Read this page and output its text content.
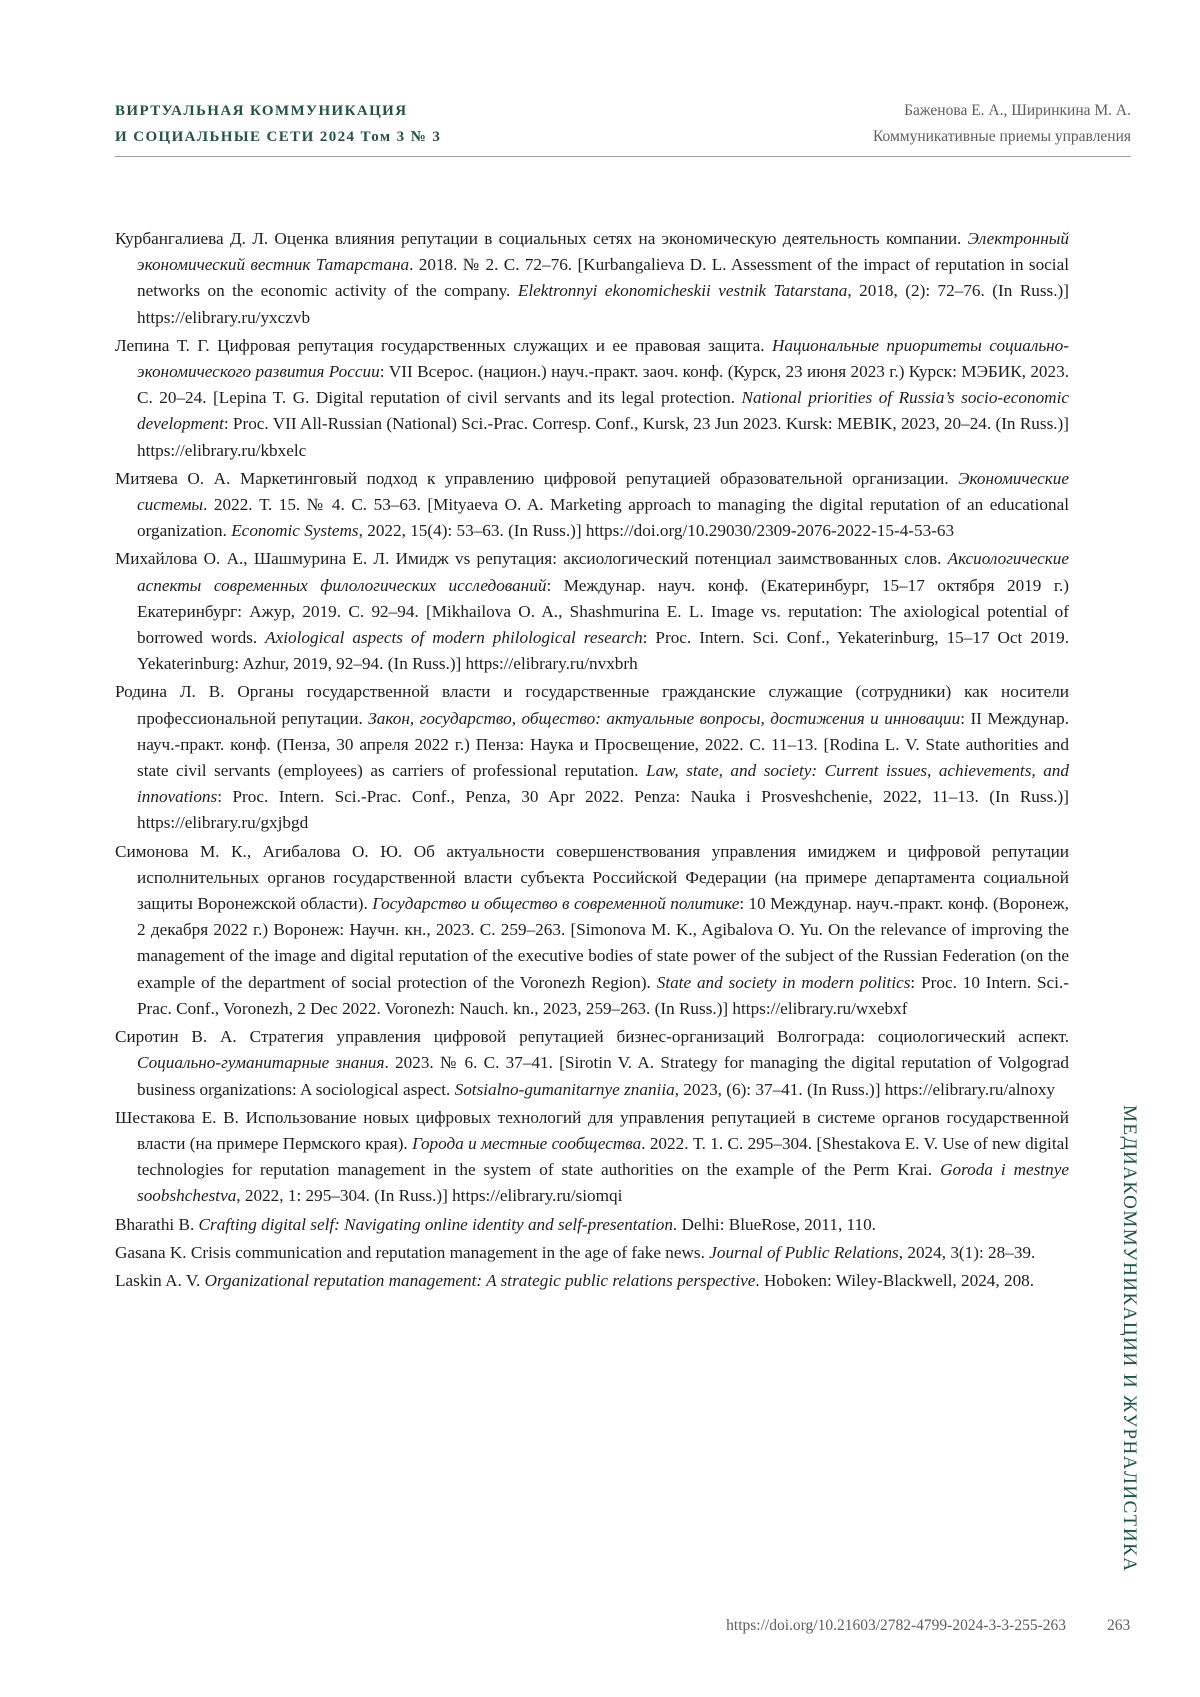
ВИРТУАЛЬНАЯ КОММУНИКАЦИЯ
И СОЦИАЛЬНЫЕ СЕТИ 2024 Том 3 № 3
Баженова Е. А., Ширинкина М. А.
Коммуникативные приемы управления

Курбангалиева Д. Л. Оценка влияния репутации в социальных сетях на экономическую деятельность компании. Электронный экономический вестник Татарстана. 2018. № 2. С. 72–76. [Kurbangalieva D. L. Assessment of the impact of reputation in social networks on the economic activity of the company. Elektronnyi ekonomicheskii vestnik Tatarstana, 2018, (2): 72–76. (In Russ.)] https://elibrary.ru/yxczvb

Лепина Т. Г. Цифровая репутация государственных служащих и ее правовая защита. Национальные приоритеты социально-экономического развития России: VII Всерос. (национ.) науч.-практ. заоч. конф. (Курск, 23 июня 2023 г.) Курск: МЭБИК, 2023. С. 20–24. [Lepina T. G. Digital reputation of civil servants and its legal protection. National priorities of Russia’s socio-economic development: Proc. VII All-Russian (National) Sci.-Prac. Corresp. Conf., Kursk, 23 Jun 2023. Kursk: MEBIK, 2023, 20–24. (In Russ.)] https://elibrary.ru/kbxelc

Митяева О. А. Маркетинговый подход к управлению цифровой репутацией образовательной организации. Экономические системы. 2022. Т. 15. № 4. С. 53–63. [Mityaeva O. A. Marketing approach to managing the digital reputation of an educational organization. Economic Systems, 2022, 15(4): 53–63. (In Russ.)] https://doi.org/10.29030/2309-2076-2022-15-4-53-63

Михайлова О. А., Шашмурина Е. Л. Имидж vs репутация: аксиологический потенциал заимствованных слов. Аксиологические аспекты современных филологических исследований: Междунар. науч. конф. (Екатеринбург, 15–17 октября 2019 г.) Екатеринбург: Ажур, 2019. С. 92–94. [Mikhailova O. A., Shashmurina E. L. Image vs. reputation: The axiological potential of borrowed words. Axiological aspects of modern philological research: Proc. Intern. Sci. Conf., Yekaterinburg, 15–17 Oct 2019. Yekaterinburg: Azhur, 2019, 92–94. (In Russ.)] https://elibrary.ru/nvxbrh

Родина Л. В. Органы государственной власти и государственные гражданские служащие (сотрудники) как носители профессиональной репутации. Закон, государство, общество: актуальные вопросы, достижения и инновации: II Междунар. науч.-практ. конф. (Пенза, 30 апреля 2022 г.) Пенза: Наука и Просвещение, 2022. С. 11–13. [Rodina L. V. State authorities and state civil servants (employees) as carriers of professional reputation. Law, state, and society: Current issues, achievements, and innovations: Proc. Intern. Sci.-Prac. Conf., Penza, 30 Apr 2022. Penza: Nauka i Prosveshchenie, 2022, 11–13. (In Russ.)] https://elibrary.ru/gxjbgd

Симонова М. К., Агибалова О. Ю. Об актуальности совершенствования управления имиджем и цифровой репутации исполнительных органов государственной власти субъекта Российской Федерации (на примере департамента социальной защиты Воронежской области). Государство и общество в современной политике: 10 Междунар. науч.-практ. конф. (Воронеж, 2 декабря 2022 г.) Воронеж: Научн. кн., 2023. С. 259–263. [Simonova M. K., Agibalova O. Yu. On the relevance of improving the management of the image and digital reputation of the executive bodies of state power of the subject of the Russian Federation (on the example of the department of social protection of the Voronezh Region). State and society in modern politics: Proc. 10 Intern. Sci.-Prac. Conf., Voronezh, 2 Dec 2022. Voronezh: Nauch. kn., 2023, 259–263. (In Russ.)] https://elibrary.ru/wxebxf

Сиротин В. А. Стратегия управления цифровой репутацией бизнес-организаций Волгограда: социологический аспект. Социально-гуманитарные знания. 2023. № 6. С. 37–41. [Sirotin V. A. Strategy for managing the digital reputation of Volgograd business organizations: A sociological aspect. Sotsialno-gumanitarnye znaniia, 2023, (6): 37–41. (In Russ.)] https://elibrary.ru/alnoxy

Шестакова Е. В. Использование новых цифровых технологий для управления репутацией в системе органов государственной власти (на примере Пермского края). Города и местные сообщества. 2022. Т. 1. С. 295–304. [Shestakova E. V. Use of new digital technologies for reputation management in the system of state authorities on the example of the Perm Krai. Goroda i mestnye soobshchestva, 2022, 1: 295–304. (In Russ.)] https://elibrary.ru/siomqi

Bharathi B. Crafting digital self: Navigating online identity and self-presentation. Delhi: BlueRose, 2011, 110.

Gasana K. Crisis communication and reputation management in the age of fake news. Journal of Public Relations, 2024, 3(1): 28–39.

Laskin A. V. Organizational reputation management: A strategic public relations perspective. Hoboken: Wiley-Blackwell, 2024, 208.	МЕДИАКОММУНИКАЦИИ И ЖУРНАЛИСТИКА
https://doi.org/10.21603/2782-4799-2024-3-3-255-263	263
